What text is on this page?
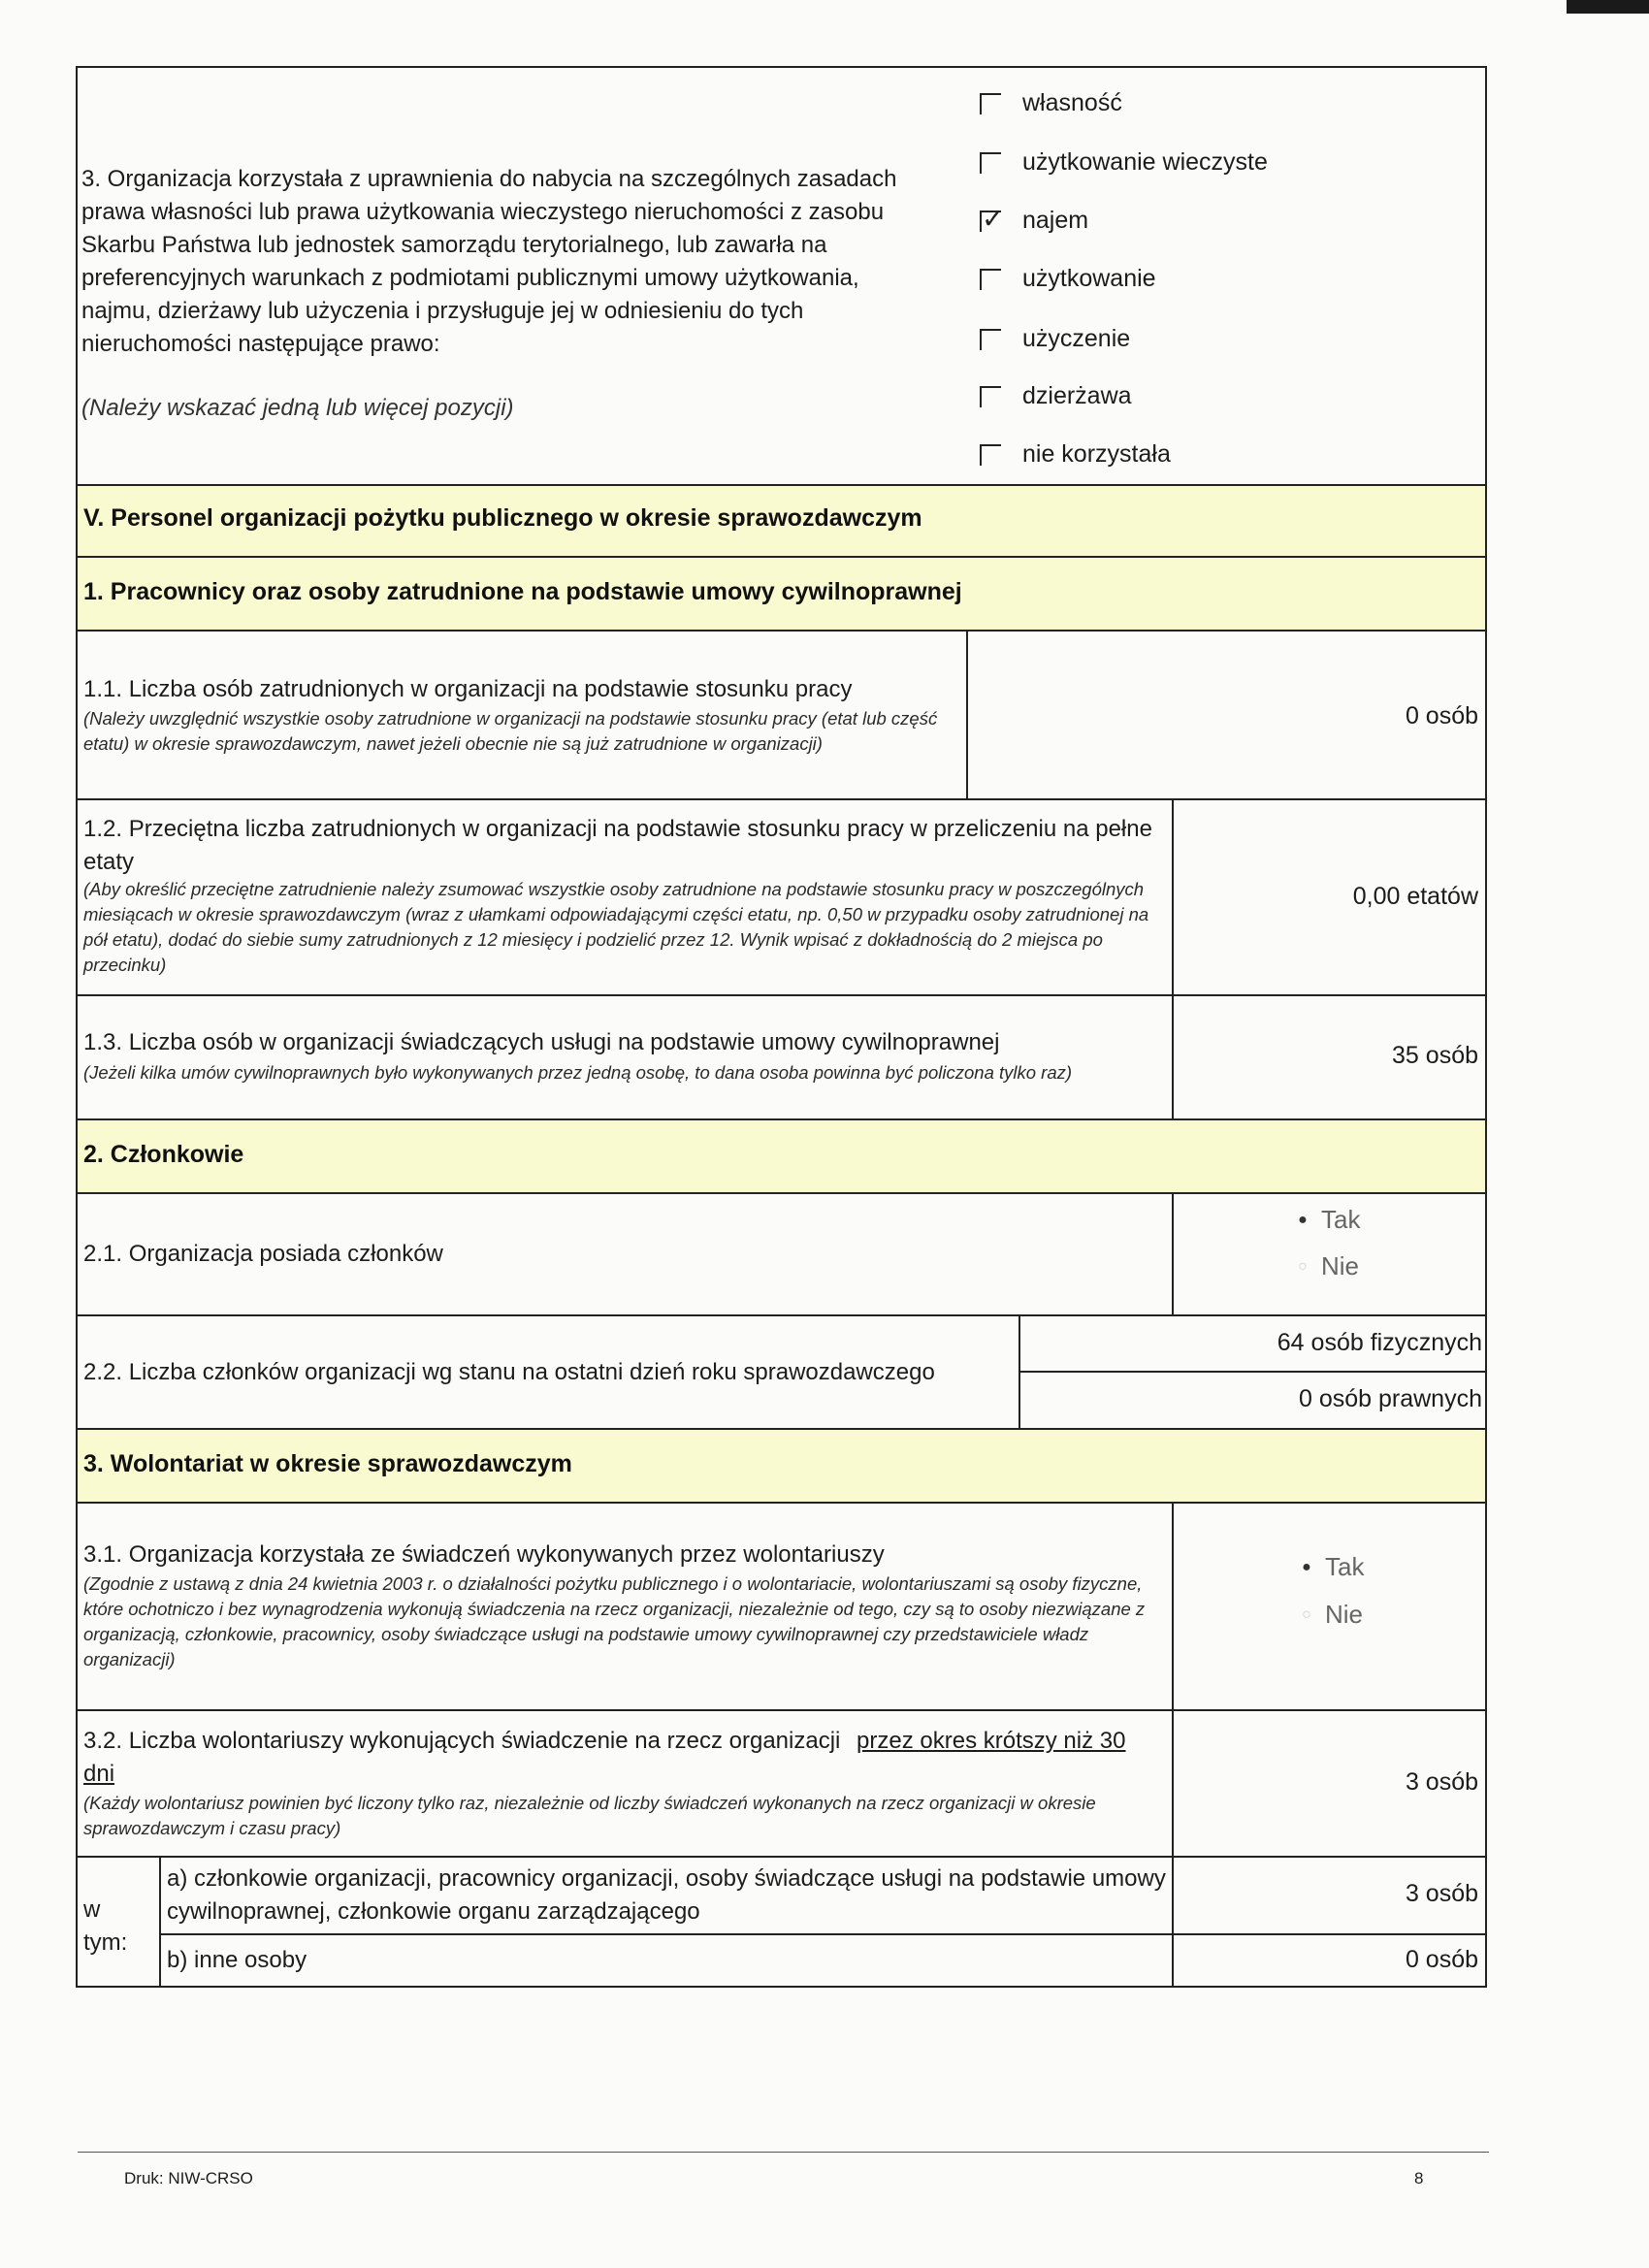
3. Organizacja korzystała z uprawnienia do nabycia na szczególnych zasadach prawa własności lub prawa użytkowania wieczystego nieruchomości z zasobu Skarbu Państwa lub jednostek samorządu terytorialnego, lub zawarła na preferencyjnych warunkach z podmiotami publicznymi umowy użytkowania, najmu, dzierżawy lub użyczenia i przysługuje jej w odniesieniu do tych nieruchomości następujące prawo:
(Należy wskazać jedną lub więcej pozycji)
własność
użytkowanie wieczyste
✓
najem
użytkowanie
użyczenie
dzierżawa
nie korzystała
V. Personel organizacji pożytku publicznego w okresie sprawozdawczym
1. Pracownicy oraz osoby zatrudnione na podstawie umowy cywilnoprawnej
1.1. Liczba osób zatrudnionych w organizacji na podstawie stosunku pracy
(Należy uwzględnić wszystkie osoby zatrudnione w organizacji na podstawie stosunku pracy (etat lub część etatu) w okresie sprawozdawczym, nawet jeżeli obecnie nie są już zatrudnione w organizacji)
0 osób
1.2. Przeciętna liczba zatrudnionych w organizacji na podstawie stosunku pracy w przeliczeniu na pełne etaty
(Aby określić przeciętne zatrudnienie należy zsumować wszystkie osoby zatrudnione na podstawie stosunku pracy w poszczególnych miesiącach w okresie sprawozdawczym (wraz z ułamkami odpowiadającymi części etatu, np. 0,50 w przypadku osoby zatrudnionej na pół etatu), dodać do siebie sumy zatrudnionych z 12 miesięcy i podzielić przez 12. Wynik wpisać z dokładnością do 2 miejsca po przecinku)
0,00 etatów
1.3. Liczba osób w organizacji świadczących usługi na podstawie umowy cywilnoprawnej
(Jeżeli kilka umów cywilnoprawnych było wykonywanych przez jedną osobę, to dana osoba powinna być policzona tylko raz)
35 osób
2. Członkowie
2.1. Organizacja posiada członków
● Tak
○ Nie
2.2. Liczba członków organizacji wg stanu na ostatni dzień roku sprawozdawczego
64 osób fizycznych
0 osób prawnych
3. Wolontariat w okresie sprawozdawczym
3.1. Organizacja korzystała ze świadczeń wykonywanych przez wolontariuszy
(Zgodnie z ustawą z dnia 24 kwietnia 2003 r. o działalności pożytku publicznego i o wolontariacie, wolontariuszami są osoby fizyczne, które ochotniczo i bez wynagrodzenia wykonują świadczenia na rzecz organizacji, niezależnie od tego, czy są to osoby niezwiązane z organizacją, członkowie, pracownicy, osoby świadczące usługi na podstawie umowy cywilnoprawnej czy przedstawiciele władz organizacji)
● Tak
○ Nie
3.2. Liczba wolontariuszy wykonujących świadczenie na rzecz organizacji przez okres krótszy niż 30
dni
(Każdy wolontariusz powinien być liczony tylko raz, niezależnie od liczby świadczeń wykonanych na rzecz organizacji w okresie sprawozdawczym i czasu pracy)
3 osób
w
tym:
a) członkowie organizacji, pracownicy organizacji, osoby świadczące usługi na podstawie umowy cywilnoprawnej, członkowie organu zarządzającego
3 osób
b) inne osoby	0 osób
Druk: NIW-CRSO	8
